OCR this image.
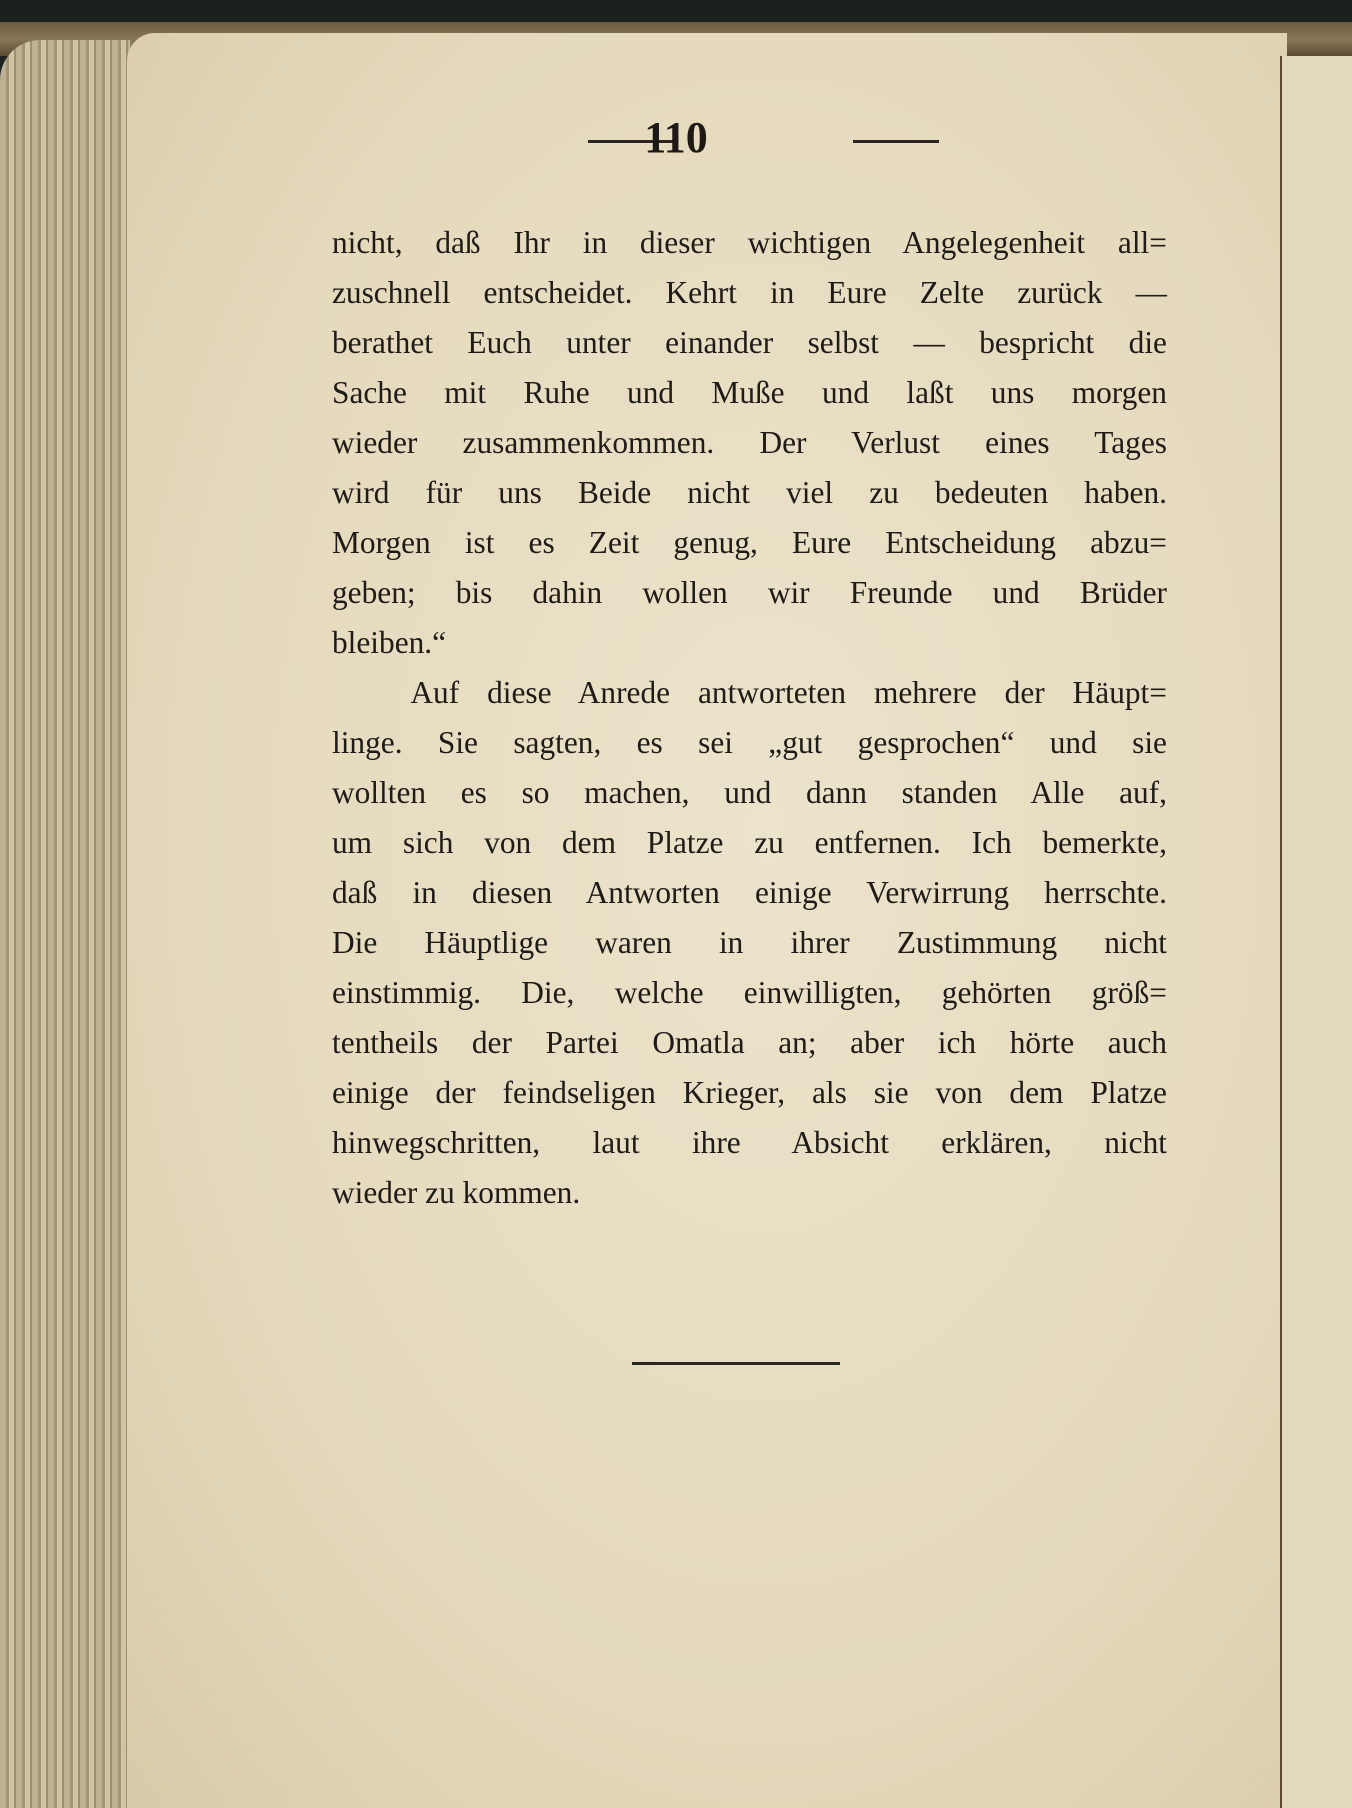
110
nicht, daß Ihr in dieser wichtigen Angelegenheit all=
zuschnell entscheidet. Kehrt in Eure Zelte zurück —
berathet Euch unter einander selbst — bespricht die
Sache mit Ruhe und Muße und laßt uns morgen
wieder zusammenkommen. Der Verlust eines Tages
wird für uns Beide nicht viel zu bedeuten haben.
Morgen ist es Zeit genug, Eure Entscheidung abzu=
geben; bis dahin wollen wir Freunde und Brüder
bleiben.“
Auf diese Anrede antworteten mehrere der Häupt=
linge. Sie sagten, es sei „gut gesprochen“ und sie
wollten es so machen, und dann standen Alle auf,
um sich von dem Platze zu entfernen. Ich bemerkte,
daß in diesen Antworten einige Verwirrung herrschte.
Die Häuptlige waren in ihrer Zustimmung nicht
einstimmig. Die, welche einwilligten, gehörten größ=
tentheils der Partei Omatla an; aber ich hörte auch
einige der feindseligen Krieger, als sie von dem Platze
hinwegschritten, laut ihre Absicht erklären, nicht
wieder zu kommen.
